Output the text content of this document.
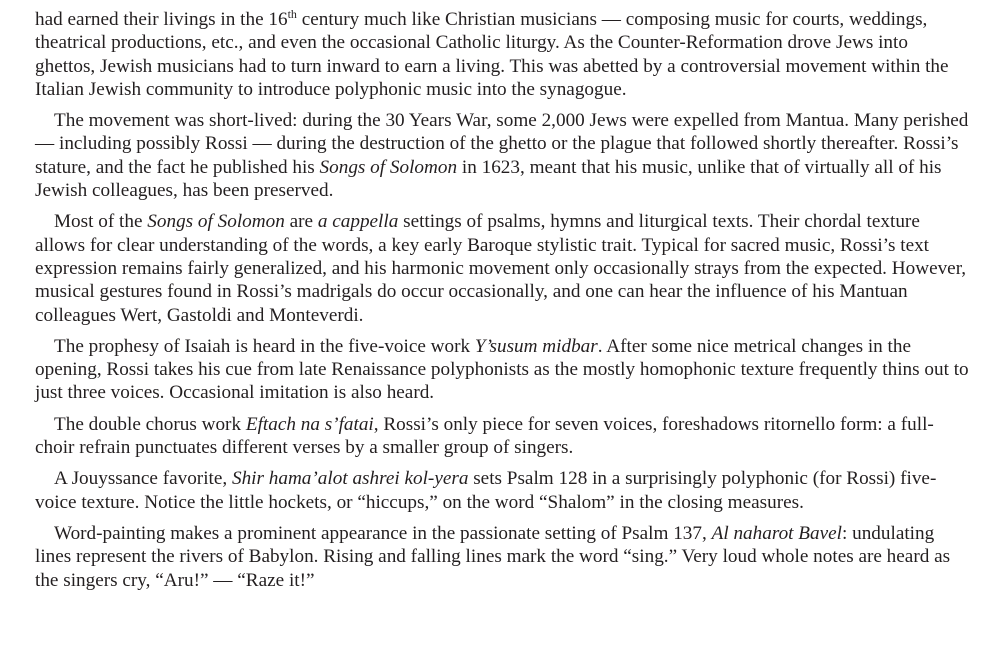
had earned their livings in the 16th century much like Christian musicians — composing music for courts, weddings, theatrical productions, etc., and even the occasional Catholic liturgy. As the Counter-Reformation drove Jews into ghettos, Jewish musicians had to turn inward to earn a living. This was abetted by a controversial movement within the Italian Jewish community to introduce polyphonic music into the synagogue.

The movement was short-lived: during the 30 Years War, some 2,000 Jews were expelled from Mantua. Many perished — including possibly Rossi — during the destruction of the ghetto or the plague that followed shortly thereafter. Rossi’s stature, and the fact he published his Songs of Solomon in 1623, meant that his music, unlike that of virtually all of his Jewish colleagues, has been preserved.

Most of the Songs of Solomon are a cappella settings of psalms, hymns and liturgical texts. Their chordal texture allows for clear understanding of the words, a key early Baroque stylistic trait. Typical for sacred music, Rossi’s text expression remains fairly generalized, and his harmonic movement only occasionally strays from the expected. However, musical gestures found in Rossi’s madrigals do occur occasionally, and one can hear the influence of his Mantuan colleagues Wert, Gastoldi and Monteverdi.

The prophesy of Isaiah is heard in the five-voice work Y’susum midbar. After some nice metrical changes in the opening, Rossi takes his cue from late Renaissance polyphonists as the mostly homophonic texture frequently thins out to just three voices. Occasional imitation is also heard.

The double chorus work Eftach na s’fatai, Rossi’s only piece for seven voices, foreshadows ritornello form: a full-choir refrain punctuates different verses by a smaller group of singers.

A Jouyssance favorite, Shir hama’alot ashrei kol-yera sets Psalm 128 in a surprisingly polyphonic (for Rossi) five-voice texture. Notice the little hockets, or “hiccups,” on the word “Shalom” in the closing measures.

Word-painting makes a prominent appearance in the passionate setting of Psalm 137, Al naharot Bavel: undulating lines represent the rivers of Babylon. Rising and falling lines mark the word “sing.” Very loud whole notes are heard as the singers cry, “Aru!” — “Raze it!”
